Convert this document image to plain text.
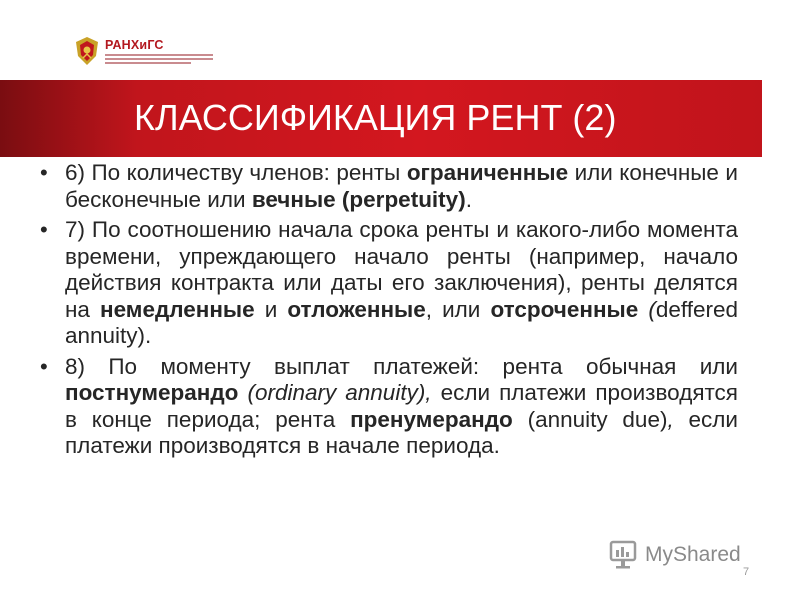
РАНХиГС
КЛАССИФИКАЦИЯ РЕНТ (2)
• 6) По количеству членов: ренты ограниченные или конечные и бесконечные или вечные (perpetuity).
• 7) По соотношению начала срока ренты и какого-либо момента времени, упреждающего начало ренты (например, начало действия контракта или даты его заключения), ренты делятся на немедленные и отложенные, или отсроченные (deffered annuity).
• 8) По моменту выплат платежей: рента обычная или постнумерандо (ordinary annuity), если платежи производятся в конце периода; рента пренумерандо (annuity due), если платежи производятся в начале периода.
MyShared
7
